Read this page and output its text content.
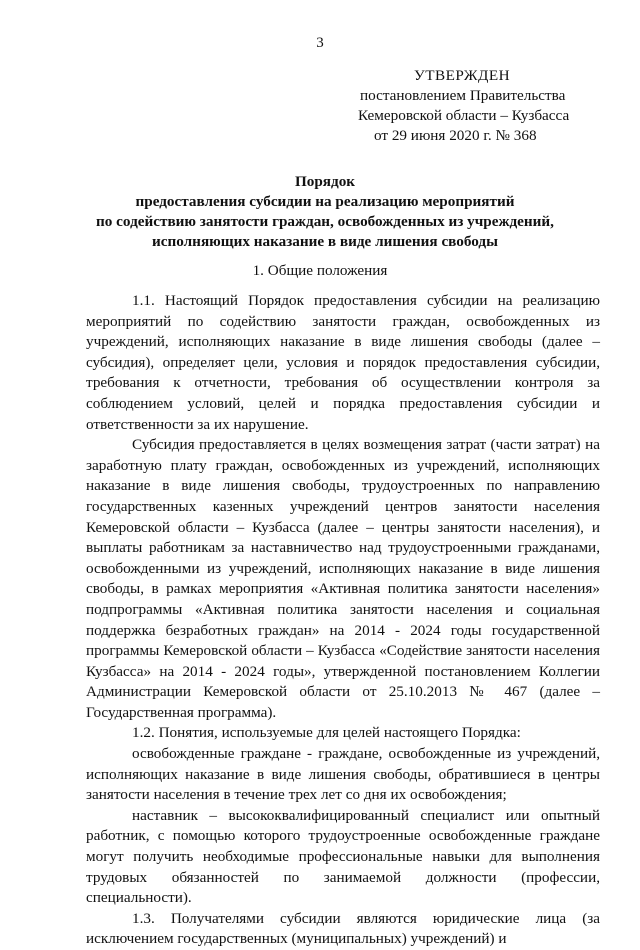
3
УТВЕРЖДЕН
постановлением Правительства
Кемеровской области – Кузбасса
от 29 июня 2020 г. № 368
Порядок
предоставления субсидии на реализацию мероприятий
по содействию занятости граждан, освобожденных из учреждений,
исполняющих наказание в виде лишения свободы
1. Общие положения

1.1. Настоящий Порядок предоставления субсидии на реализацию мероприятий по содействию занятости граждан, освобожденных из учреждений, исполняющих наказание в виде лишения свободы (далее – субсидия), определяет цели, условия и порядок предоставления субсидии, требования к отчетности, требования об осуществлении контроля за соблюдением условий, целей и порядка предоставления субсидии и ответственности за их нарушение.

Субсидия предоставляется в целях возмещения затрат (части затрат) на заработную плату граждан, освобожденных из учреждений, исполняющих наказание в виде лишения свободы, трудоустроенных по направлению государственных казенных учреждений центров занятости населения Кемеровской области – Кузбасса (далее – центры занятости населения), и выплаты работникам за наставничество над трудоустроенными гражданами, освобожденными из учреждений, исполняющих наказание в виде лишения свободы, в рамках мероприятия «Активная политика занятости населения» подпрограммы «Активная политика занятости населения и социальная поддержка безработных граждан» на 2014 - 2024 годы государственной программы Кемеровской области – Кузбасса «Содействие занятости населения Кузбасса» на 2014 - 2024 годы», утвержденной постановлением Коллегии Администрации Кемеровской области от 25.10.2013 № 467 (далее – Государственная программа).

1.2. Понятия, используемые для целей настоящего Порядка:

освобожденные граждане - граждане, освобожденные из учреждений, исполняющих наказание в виде лишения свободы, обратившиеся в центры занятости населения в течение трех лет со дня их освобождения;

наставник – высококвалифицированный специалист или опытный работник, с помощью которого трудоустроенные освобожденные граждане могут получить необходимые профессиональные навыки для выполнения трудовых обязанностей по занимаемой должности (профессии, специальности).

1.3. Получателями субсидии являются юридические лица (за исключением государственных (муниципальных) учреждений) и
